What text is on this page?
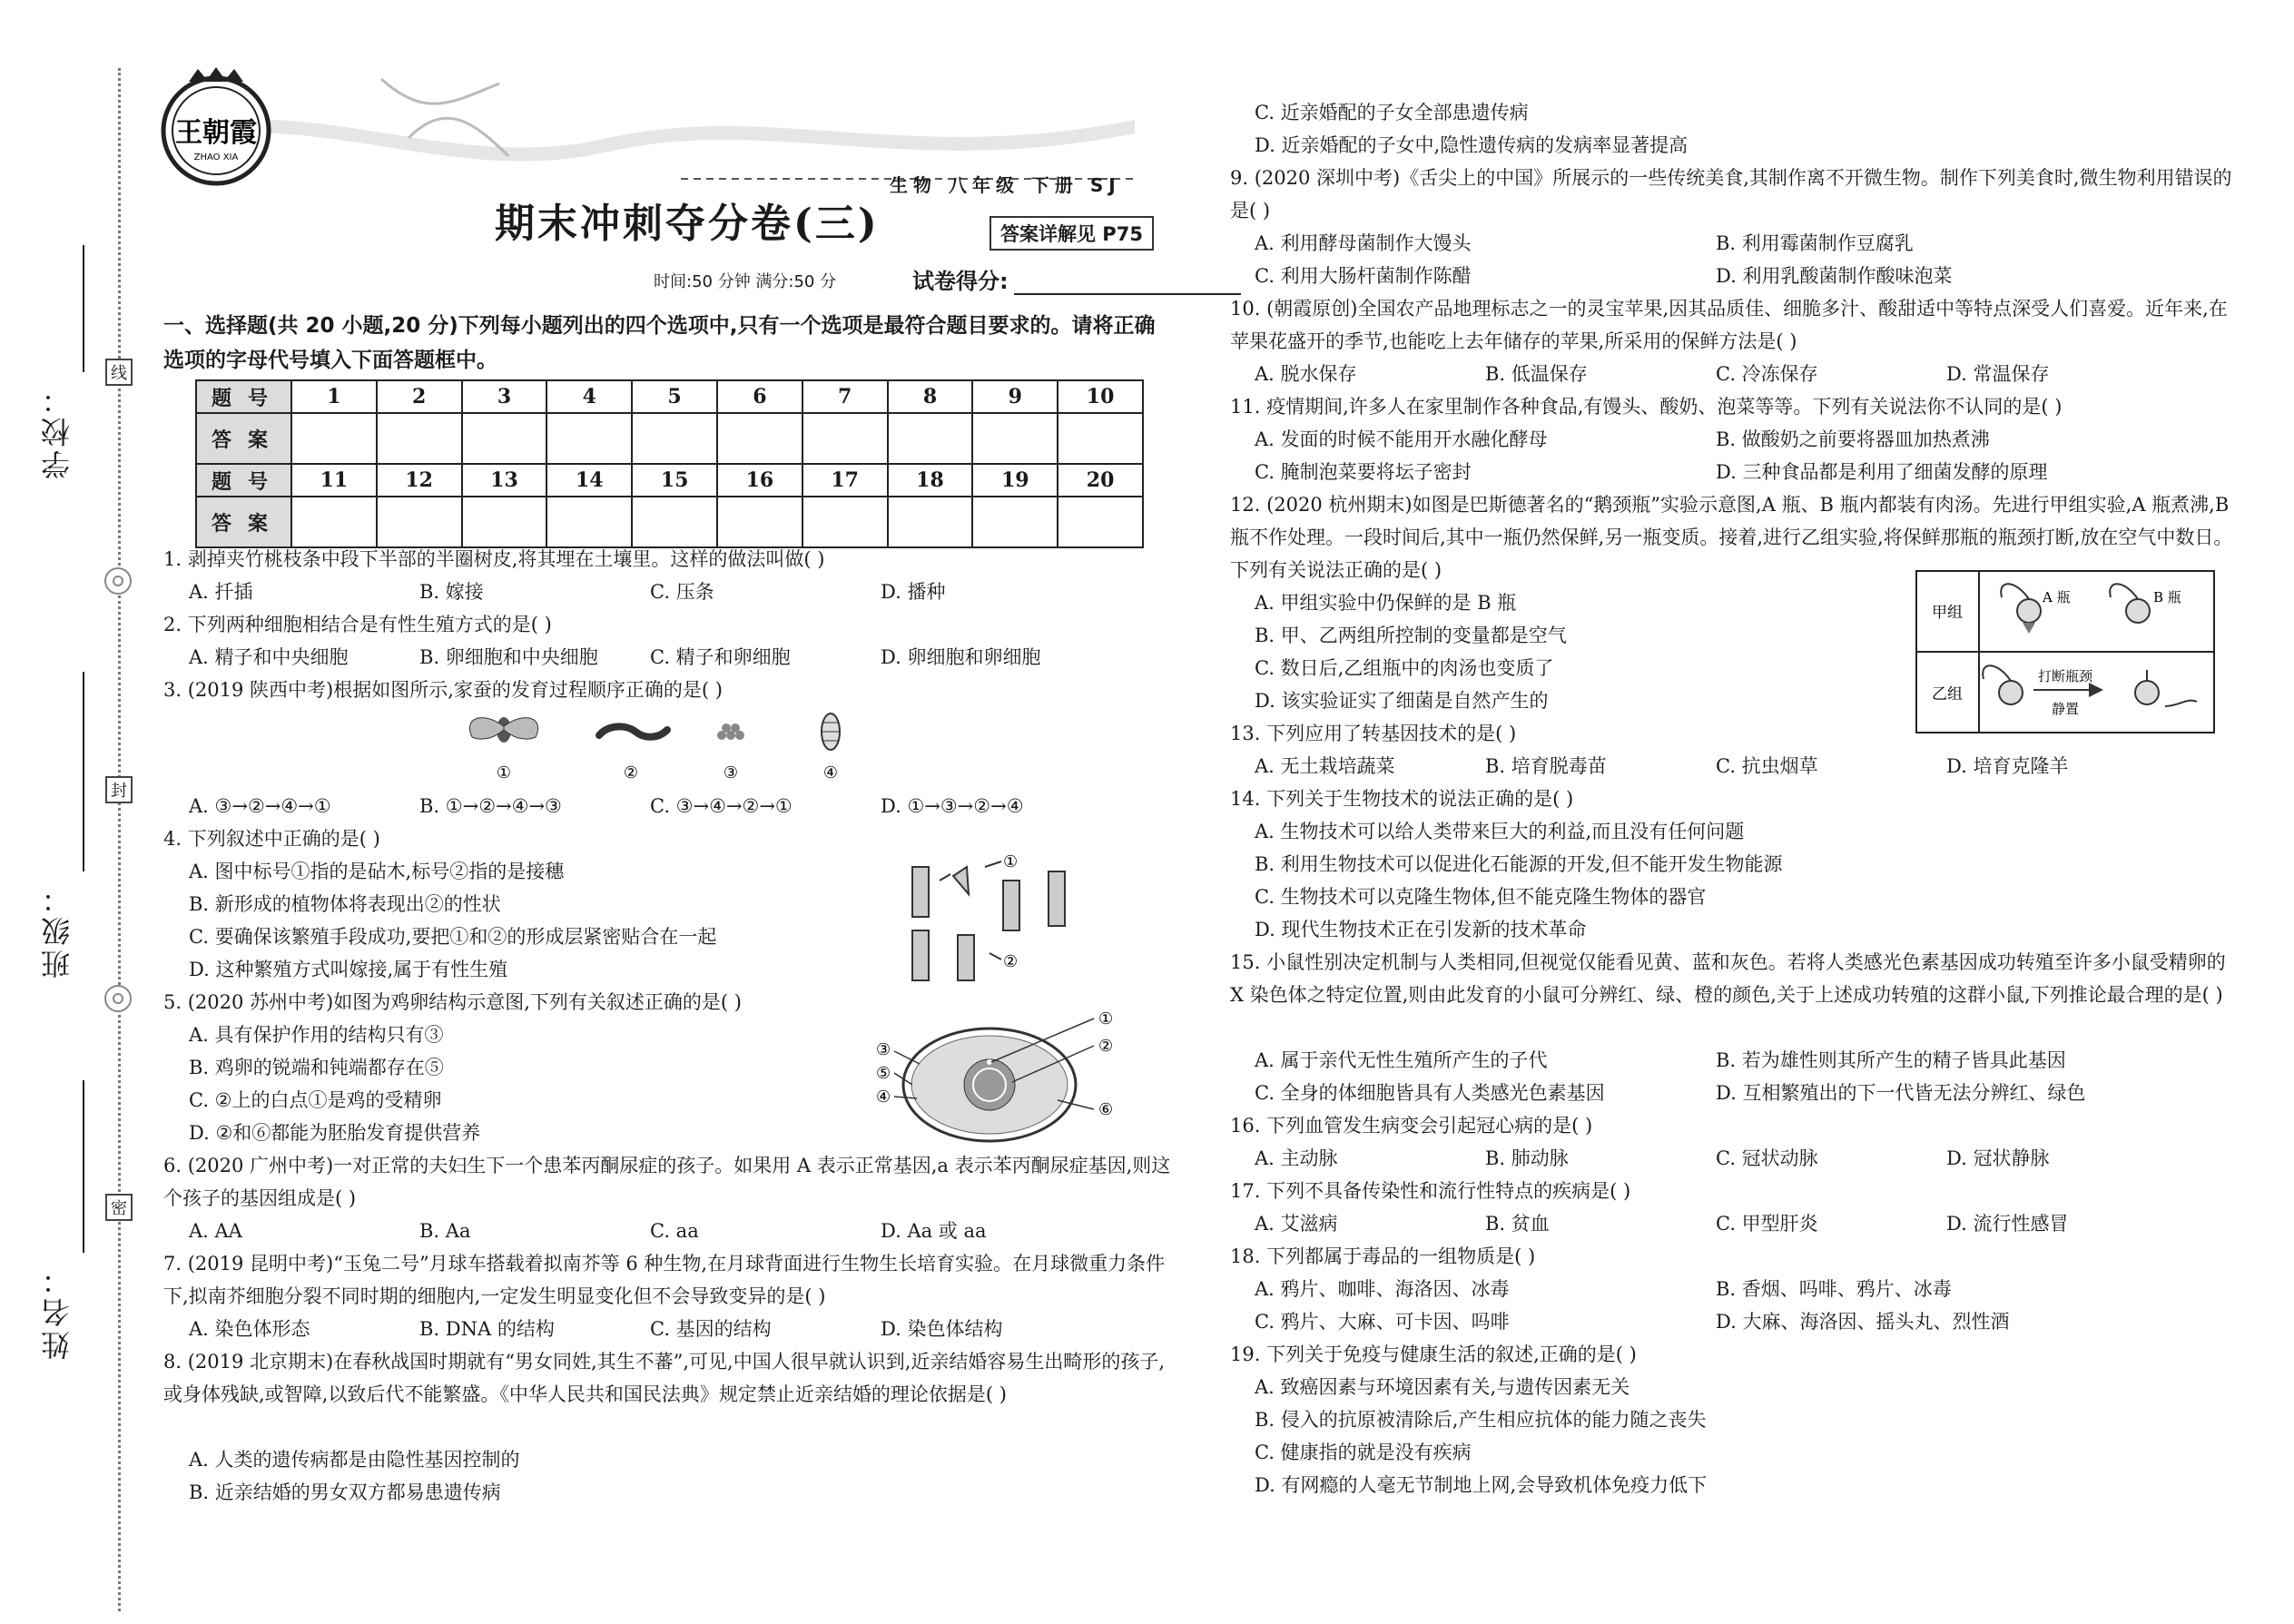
学校：
班级：
姓名：
线
封
密
王朝霞
ZHAO XIA
生物 八年级 下册 SJ
期末冲刺夺分卷(三)	答案详解见 P75
时间:50 分钟 满分:50 分	试卷得分:
一、选择题(共 20 小题,20 分)下列每小题列出的四个选项中,只有一个选项是最符合题目要求的。请将正确选项的字母代号填入下面答题框中。
题号	1	2	3	4	5	6	7	8	9	10
答案										
题号	11	12	13	14	15	16	17	18	19	20
答案										
1. 剥掉夹竹桃枝条中段下半部的半圈树皮,将其埋在土壤里。这样的做法叫做( )
A. 扦插	B. 嫁接	C. 压条	D. 播种
2. 下列两种细胞相结合是有性生殖方式的是( )
A. 精子和中央细胞	B. 卵细胞和中央细胞	C. 精子和卵细胞	D. 卵细胞和卵细胞
3. (2019 陕西中考)根据如图所示,家蚕的发育过程顺序正确的是( )
①	②	③	④
A. ③→②→④→①	B. ①→②→④→③	C. ③→④→②→①	D. ①→③→②→④
4. 下列叙述中正确的是( )
A. 图中标号①指的是砧木,标号②指的是接穗
B. 新形成的植物体将表现出②的性状
C. 要确保该繁殖手段成功,要把①和②的形成层紧密贴合在一起
D. 这种繁殖方式叫嫁接,属于有性生殖
①
②
5. (2020 苏州中考)如图为鸡卵结构示意图,下列有关叙述正确的是( )
A. 具有保护作用的结构只有③
B. 鸡卵的锐端和钝端都存在⑤
C. ②上的白点①是鸡的受精卵
D. ②和⑥都能为胚胎发育提供营养
①
②
③
⑤
④
⑥
6. (2020 广州中考)一对正常的夫妇生下一个患苯丙酮尿症的孩子。如果用 A 表示正常基因,a 表示苯丙酮尿症基因,则这个孩子的基因组成是( )
A. AA	B. Aa	C. aa	D. Aa 或 aa
7. (2019 昆明中考)“玉兔二号”月球车搭载着拟南芥等 6 种生物,在月球背面进行生物生长培育实验。在月球微重力条件下,拟南芥细胞分裂不同时期的细胞内,一定发生明显变化但不会导致变异的是( )
A. 染色体形态	B. DNA 的结构	C. 基因的结构	D. 染色体结构
8. (2019 北京期末)在春秋战国时期就有“男女同姓,其生不蕃”,可见,中国人很早就认识到,近亲结婚容易生出畸形的孩子,或身体残缺,或智障,以致后代不能繁盛。《中华人民共和国民法典》规定禁止近亲结婚的理论依据是( )
A. 人类的遗传病都是由隐性基因控制的
B. 近亲结婚的男女双方都易患遗传病
C. 近亲婚配的子女全部患遗传病
D. 近亲婚配的子女中,隐性遗传病的发病率显著提高
9. (2020 深圳中考)《舌尖上的中国》所展示的一些传统美食,其制作离不开微生物。制作下列美食时,微生物利用错误的是( )
A. 利用酵母菌制作大馒头	B. 利用霉菌制作豆腐乳
C. 利用大肠杆菌制作陈醋	D. 利用乳酸菌制作酸味泡菜
10. (朝霞原创)全国农产品地理标志之一的灵宝苹果,因其品质佳、细脆多汁、酸甜适中等特点深受人们喜爱。近年来,在苹果花盛开的季节,也能吃上去年储存的苹果,所采用的保鲜方法是( )
A. 脱水保存	B. 低温保存	C. 冷冻保存	D. 常温保存
11. 疫情期间,许多人在家里制作各种食品,有馒头、酸奶、泡菜等等。下列有关说法你不认同的是( )
A. 发面的时候不能用开水融化酵母	B. 做酸奶之前要将器皿加热煮沸
C. 腌制泡菜要将坛子密封	D. 三种食品都是利用了细菌发酵的原理
12. (2020 杭州期末)如图是巴斯德著名的“鹅颈瓶”实验示意图,A 瓶、B 瓶内都装有肉汤。先进行甲组实验,A 瓶煮沸,B 瓶不作处理。一段时间后,其中一瓶仍然保鲜,另一瓶变质。接着,进行乙组实验,将保鲜那瓶的瓶颈打断,放在空气中数日。下列有关说法正确的是( )
A. 甲组实验中仍保鲜的是 B 瓶
B. 甲、乙两组所控制的变量都是空气
C. 数日后,乙组瓶中的肉汤也变质了
D. 该实验证实了细菌是自然产生的
甲组
乙组
A 瓶	B 瓶
打断瓶颈
静置
13. 下列应用了转基因技术的是( )
A. 无土栽培蔬菜	B. 培育脱毒苗	C. 抗虫烟草	D. 培育克隆羊
14. 下列关于生物技术的说法正确的是( )
A. 生物技术可以给人类带来巨大的利益,而且没有任何问题
B. 利用生物技术可以促进化石能源的开发,但不能开发生物能源
C. 生物技术可以克隆生物体,但不能克隆生物体的器官
D. 现代生物技术正在引发新的技术革命
15. 小鼠性别决定机制与人类相同,但视觉仅能看见黄、蓝和灰色。若将人类感光色素基因成功转殖至许多小鼠受精卵的 X 染色体之特定位置,则由此发育的小鼠可分辨红、绿、橙的颜色,关于上述成功转殖的这群小鼠,下列推论最合理的是( )
A. 属于亲代无性生殖所产生的子代	B. 若为雄性则其所产生的精子皆具此基因
C. 全身的体细胞皆具有人类感光色素基因	D. 互相繁殖出的下一代皆无法分辨红、绿色
16. 下列血管发生病变会引起冠心病的是( )
A. 主动脉	B. 肺动脉	C. 冠状动脉	D. 冠状静脉
17. 下列不具备传染性和流行性特点的疾病是( )
A. 艾滋病	B. 贫血	C. 甲型肝炎	D. 流行性感冒
18. 下列都属于毒品的一组物质是( )
A. 鸦片、咖啡、海洛因、冰毒	B. 香烟、吗啡、鸦片、冰毒
C. 鸦片、大麻、可卡因、吗啡	D. 大麻、海洛因、摇头丸、烈性酒
19. 下列关于免疫与健康生活的叙述,正确的是( )
A. 致癌因素与环境因素有关,与遗传因素无关
B. 侵入的抗原被清除后,产生相应抗体的能力随之丧失
C. 健康指的就是没有疾病
D. 有网瘾的人毫无节制地上网,会导致机体免疫力低下
